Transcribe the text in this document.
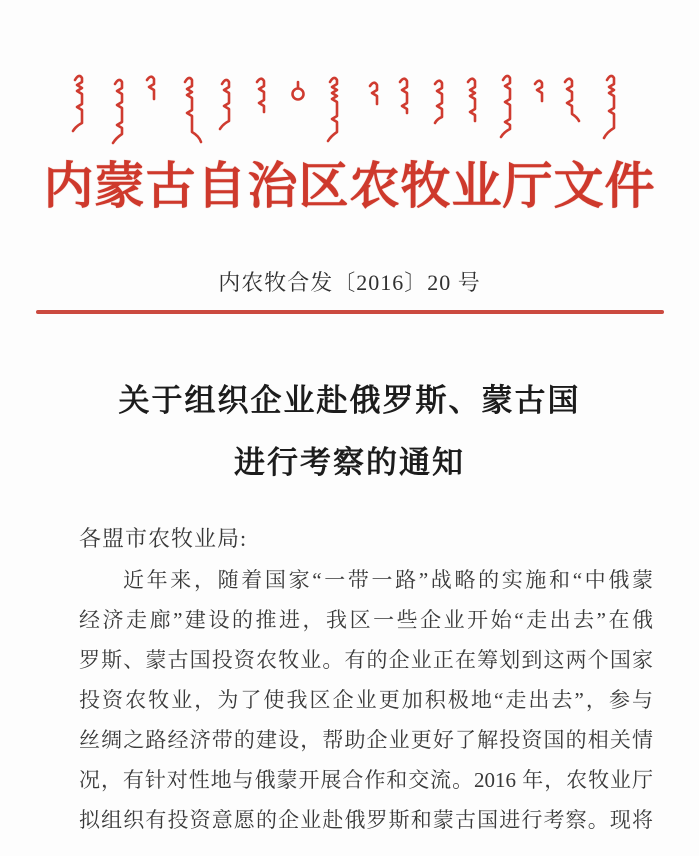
内蒙古自治区农牧业厅文件
内农牧合发〔2016〕20 号
关于组织企业赴俄罗斯、蒙古国
进行考察的通知
各盟市农牧业局:
近年来，随着国家“一带一路”战略的实施和“中俄蒙
经济走廊”建设的推进，我区一些企业开始“走出去”在俄
罗斯、蒙古国投资农牧业。有的企业正在筹划到这两个国家
投资农牧业，为了使我区企业更加积极地“走出去”，参与
丝绸之路经济带的建设，帮助企业更好了解投资国的相关情
况，有针对性地与俄蒙开展合作和交流。2016 年，农牧业厅
拟组织有投资意愿的企业赴俄罗斯和蒙古国进行考察。现将
